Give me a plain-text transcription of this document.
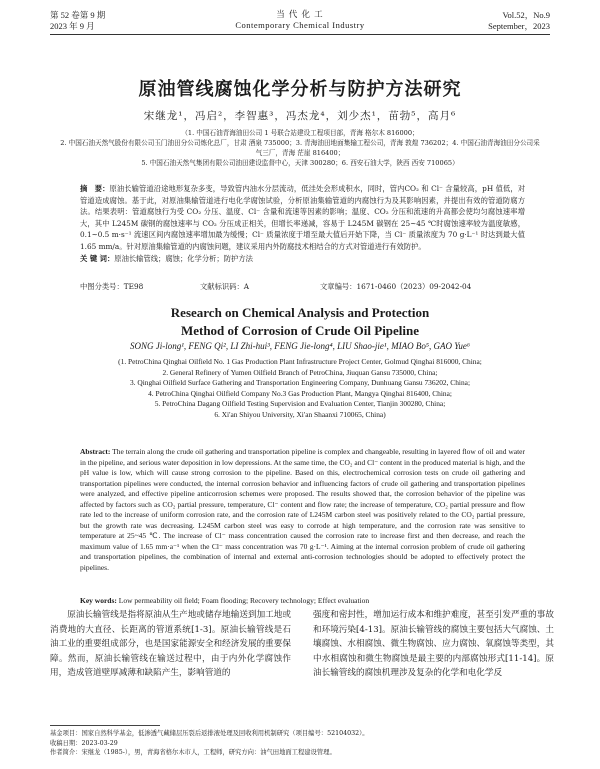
第 52 卷第 9 期
2023 年 9 月
当 代 化 工
Contemporary Chemical Industry
Vol.52，No.9
September，2023
原油管线腐蚀化学分析与防护方法研究
宋继龙¹，冯启²，李智惠³，冯杰龙⁴，刘少杰¹，苗勃⁵，高月⁶
（1. 中国石油青海油田公司 1 号联合站建设工程项目部，青海 格尔木 816000；
2. 中国石油天然气股份有限公司玉门油田分公司炼化总厂，甘肃 酒泉 735000；3. 青海油田地面集输工程公司，青海 敦煌 736202；4. 中国石油青海油田分公司采气三厂，青海 茫崖 816400；
5. 中国石油天然气集团有限公司油田建设监督中心，天津 300280；6. 西安石油大学，陕西 西安 710065）
摘　要：原油长输管道沿途地形复杂多变，导致管内油水分层流动，低洼处会形成积水，同时，管内CO₂ 和 Cl⁻ 含量较高，pH 值低，对管道造成腐蚀。基于此，对原油集输管道进行电化学腐蚀试验，分析原油集输管道的内腐蚀行为及其影响因素，并提出有效的管道防腐方法。结果表明：管道腐蚀行为受 CO₂ 分压、温度、Cl⁻ 含量和流速等因素的影响；温度、CO₂ 分压和流速的升高都会使均匀腐蚀速率增大，其中 L245M 碳钢的腐蚀速率与 CO₂ 分压成正相关，但增长率递减，容易于 L245M 碳钢在 25~45 ℃时腐蚀速率较为温度敏感，0.1~0.5 m·s⁻¹ 流速区间内腐蚀速率增加最为缓慢；Cl⁻ 质量浓度于增至最大值后开始下降，当 Cl⁻ 质量浓度为 70 g·L⁻¹ 时达到最大值 1.65 mm/a。针对原油集输管道的内腐蚀问题，建议采用内外防腐技术相结合的方式对管道进行有效防护。
关 键 词：原油长输管线；腐蚀；化学分析；防护方法
中图分类号：TE98	文献标识码：A	文章编号：1671-0460（2023）09-2042-04
Research on Chemical Analysis and Protection
Method of Corrosion of Crude Oil Pipeline
SONG Ji-long¹, FENG Qi², LI Zhi-hui³, FENG Jie-long⁴, LIU Shao-jie¹, MIAO Bo⁵, GAO Yue⁶
(1. PetroChina Qinghai Oilfield No. 1 Gas Production Plant Infrastructure Project Center, Golmud Qinghai 816000, China;
2. General Refinery of Yumen Oilfield Branch of PetroChina, Jiuquan Gansu 735000, China;
3. Qinghai Oilfield Surface Gathering and Transportation Engineering Company, Dunhuang Gansu 736202, China;
4. PetroChina Qinghai Oilfield Company No.3 Gas Production Plant, Mangya Qinghai 816400, China;
5. PetroChina Dagang Oilfield Testing Supervision and Evaluation Center, Tianjin 300280, China;
6. Xi'an Shiyou University, Xi'an Shaanxi 710065, China)
Abstract: The terrain along the crude oil gathering and transportation pipeline is complex and changeable, resulting in layered flow of oil and water in the pipeline, and serious water deposition in low depressions. At the same time, the CO₂ and Cl⁻ content in the produced material is high, and the pH value is low, which will cause strong corrosion to the pipeline. Based on this, electrochemical corrosion tests on crude oil gathering and transportation pipelines were conducted, the internal corrosion behavior and influencing factors of crude oil gathering and transportation pipelines were analyzed, and effective pipeline anticorrosion schemes were proposed. The results showed that, the corrosion behavior of the pipeline was affected by factors such as CO₂ partial pressure, temperature, Cl⁻ content and flow rate; the increase of temperature, CO₂ partial pressure and flow rate led to the increase of uniform corrosion rate, and the corrosion rate of L245M carbon steel was positively related to the CO₂ partial pressure, but the growth rate was decreasing. L245M carbon steel was easy to corrode at high temperature, and the corrosion rate was sensitive to temperature at 25~45 ℃. The increase of Cl⁻ mass concentration caused the corrosion rate to increase first and then decrease, and reach the maximum value of 1.65 mm·a⁻¹ when the Cl⁻ mass concentration was 70 g·L⁻¹. Aiming at the internal corrosion problem of crude oil gathering and transportation pipelines, the combination of internal and external anti-corrosion technologies should be adopted to effectively protect the pipelines.
Key words: Low permeability oil field; Foam flooding; Recovery technology; Effect evaluation

原油长输管线是指将原油从生产地或储存地输送到加工地或消费地的大直径、长距离的管道系统[1-3]。原油长输管线是石油工业的重要组成部分，也是国家能源安全和经济发展的重要保障。然而，原油长输管线在输送过程中，由于内外化学腐蚀作用，造成管道壁厚减薄和缺陷产生，影响管道的

强度和密封性，增加运行成本和维护难度，甚至引发严重的事故和环境污染[4-13]。原油长输管线的腐蚀主要包括大气腐蚀、土壤腐蚀、水相腐蚀、微生物腐蚀、应力腐蚀、氧腐蚀等类型，其中水相腐蚀和微生物腐蚀是最主要的内部腐蚀形式[11-14]。原油长输管线的腐蚀机理涉及复杂的化学和电化学反

基金项目：国家自然科学基金，低渗透气藏储层压裂后返排液处理及回收利用机制研究（项目编号：52104032）。
收稿日期：2023-03-29
作者简介：宋继龙（1985-），男，青海省格尔木市人，工程师，研究方向：油气田地面工程建设管理。
